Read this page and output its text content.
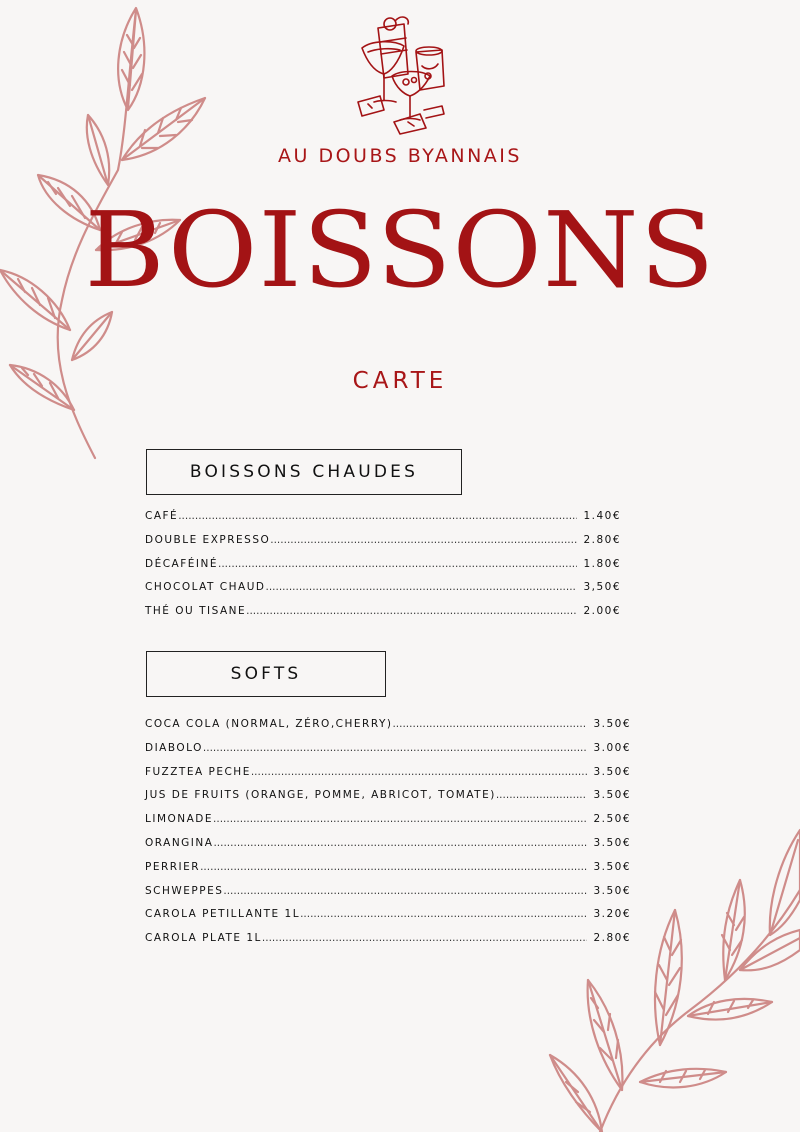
AU DOUBS BYANNAIS
BOISSONS
CARTE
BOISSONS CHAUDES
CAFÉ .....	1.40€
DOUBLE EXPRESSO .....	2.80€
DÉCAFÉINÉ .....	1.80€
CHOCOLAT CHAUD .....	3,50€
THÉ OU TISANE .....	2.00€
SOFTS
COCA COLA (NORMAL, ZÉRO,CHERRY) .....	3.50€
DIABOLO .....	3.00€
FUZZTEA PECHE .....	3.50€
JUS DE FRUITS (ORANGE, POMME, ABRICOT, TOMATE) .....	3.50€
LIMONADE .....	2.50€
ORANGINA .....	3.50€
PERRIER .....	3.50€
SCHWEPPES .....	3.50€
CAROLA PETILLANTE 1L .....	3.20€
CAROLA PLATE 1L .....	2.80€
